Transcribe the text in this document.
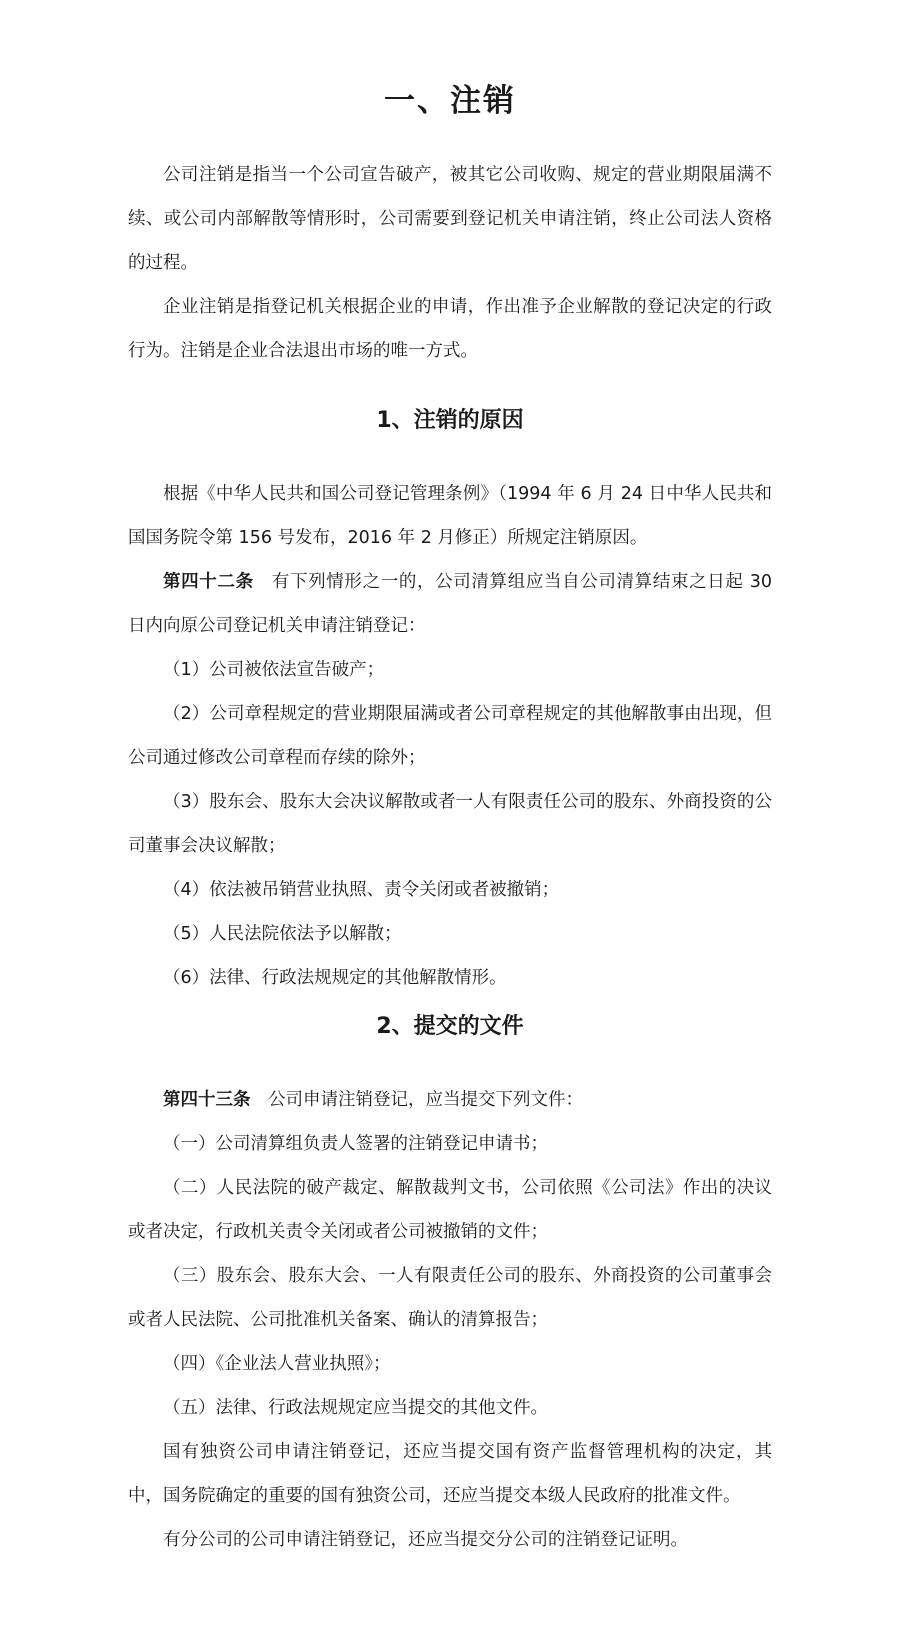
一、注销

公司注销是指当一个公司宣告破产，被其它公司收购、规定的营业期限届满不续、或公司内部解散等情形时，公司需要到登记机关申请注销，终止公司法人资格的过程。

企业注销是指登记机关根据企业的申请，作出准予企业解散的登记决定的行政行为。注销是企业合法退出市场的唯一方式。

1、注销的原因

根据《中华人民共和国公司登记管理条例》（1994 年 6 月 24 日中华人民共和国国务院令第 156 号发布，2016 年 2 月修正）所规定注销原因。

第四十二条　有下列情形之一的，公司清算组应当自公司清算结束之日起 30 日内向原公司登记机关申请注销登记：

（1）公司被依法宣告破产；

（2）公司章程规定的营业期限届满或者公司章程规定的其他解散事由出现，但公司通过修改公司章程而存续的除外；

（3）股东会、股东大会决议解散或者一人有限责任公司的股东、外商投资的公司董事会决议解散；

（4）依法被吊销营业执照、责令关闭或者被撤销；

（5）人民法院依法予以解散；

（6）法律、行政法规规定的其他解散情形。

2、提交的文件

第四十三条　公司申请注销登记，应当提交下列文件：

（一）公司清算组负责人签署的注销登记申请书；

（二）人民法院的破产裁定、解散裁判文书，公司依照《公司法》作出的决议或者决定，行政机关责令关闭或者公司被撤销的文件；

（三）股东会、股东大会、一人有限责任公司的股东、外商投资的公司董事会或者人民法院、公司批准机关备案、确认的清算报告；

（四）《企业法人营业执照》；

（五）法律、行政法规规定应当提交的其他文件。

国有独资公司申请注销登记，还应当提交国有资产监督管理机构的决定，其中，国务院确定的重要的国有独资公司，还应当提交本级人民政府的批准文件。

有分公司的公司申请注销登记，还应当提交分公司的注销登记证明。
